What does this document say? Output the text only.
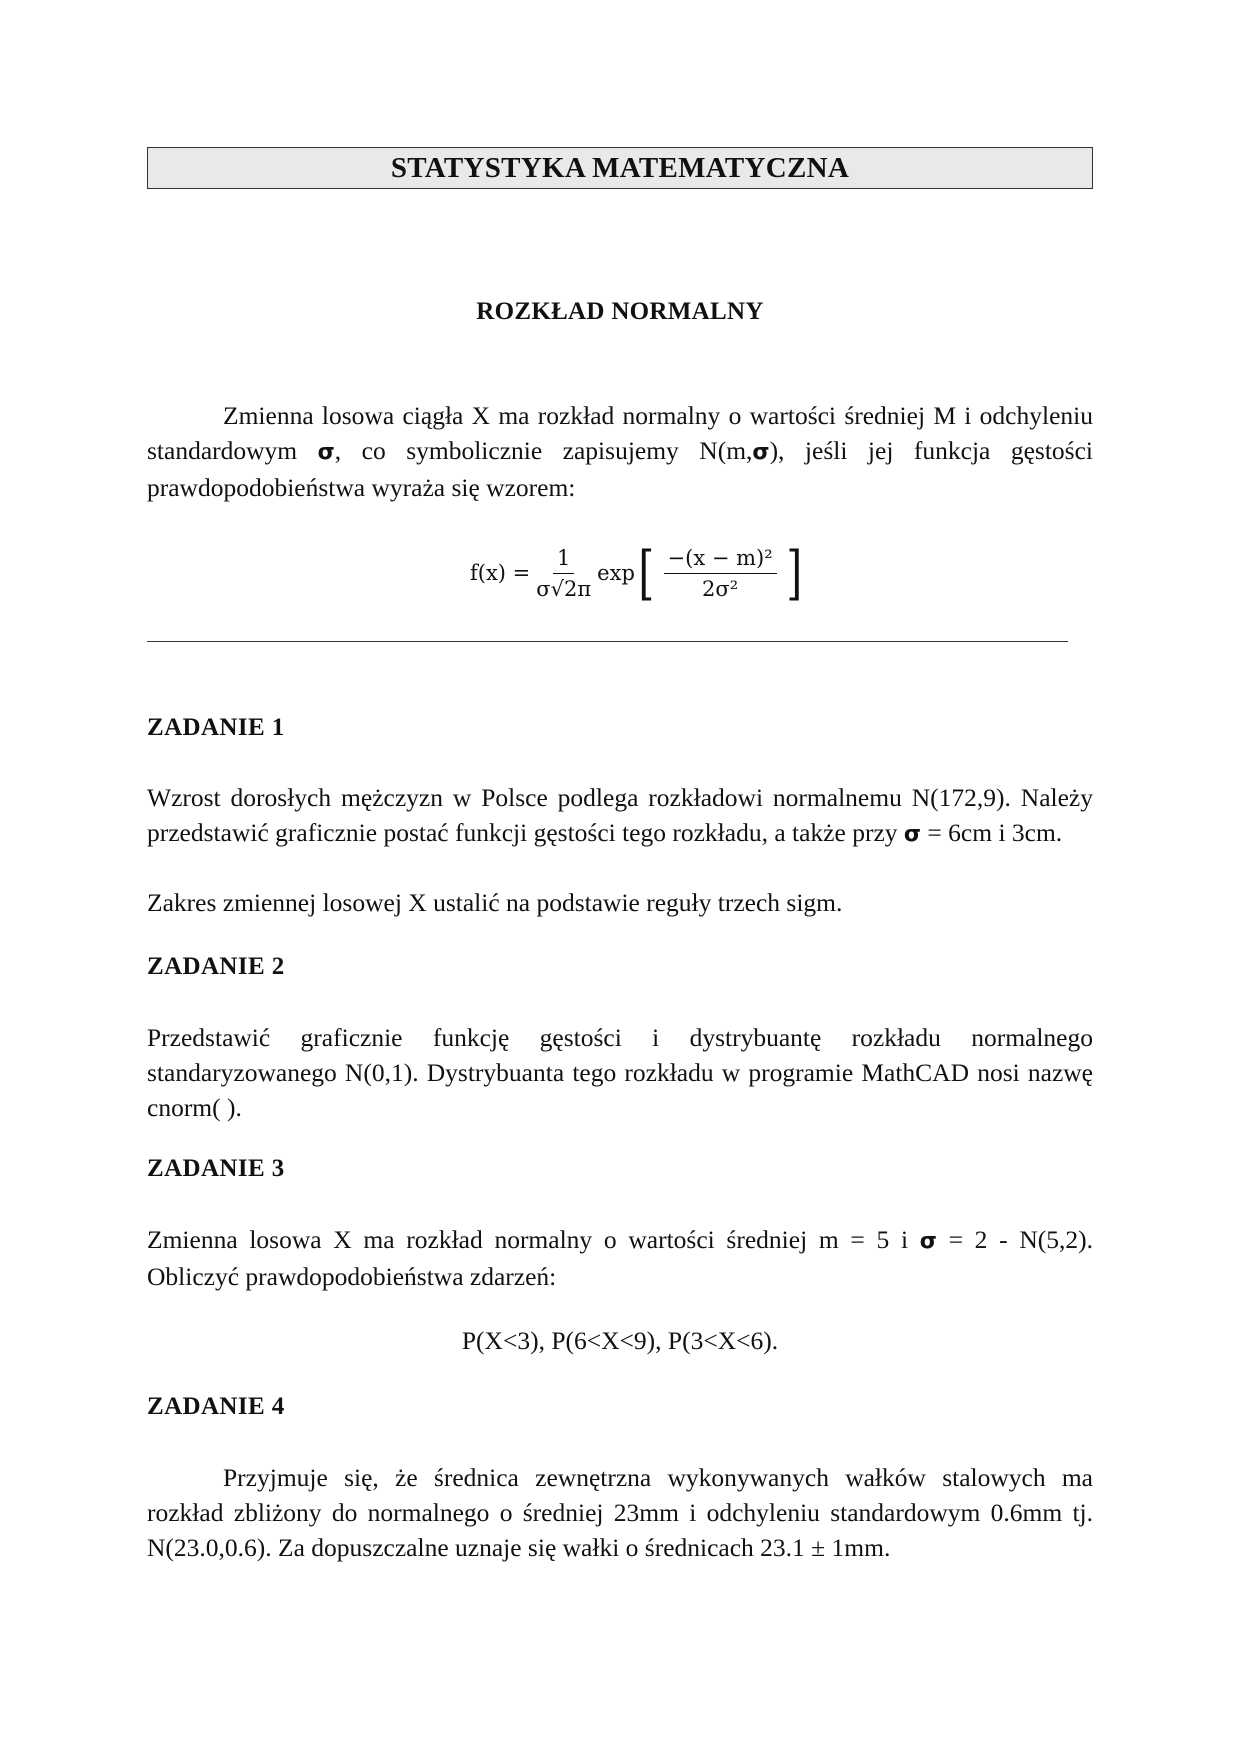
STATYSTYKA MATEMATYCZNA
ROZKŁAD NORMALNY
Zmienna losowa ciągła X ma rozkład normalny o wartości średniej M i odchyleniu standardowym σ, co symbolicznie zapisujemy N(m,σ), jeśli jej funkcja gęstości prawdopodobieństwa wyraża się wzorem:
$f(x) = \frac{1}{\sigma√2\pi}$ exp [ $\frac{\text{−(x − m)²}}{\text{2σ²}}$ ]
ZADANIE 1
Wzrost dorosłych mężczyzn w Polsce podlega rozkładowi normalnemu N(172,9). Należy przedstawić graficznie postać funkcji gęstości tego rozkładu, a także przy σ = 6cm i 3cm.
Zakres zmiennej losowej X ustalić na podstawie reguły trzech sigm.
ZADANIE 2
Przedstawić graficznie funkcję gęstości i dystrybuantę rozkładu normalnego standaryzowanego N(0,1). Dystrybuanta tego rozkładu w programie MathCAD nosi nazwę cnorm( ).
ZADANIE 3
Zmienna losowa X ma rozkład normalny o wartości średniej m = 5 i σ = 2 - N(5,2). Obliczyć prawdopodobieństwa zdarzeń:
P(X<3), P(6<X<9), P(3<X<6).
ZADANIE 4
Przyjmuje się, że średnica zewnętrzna wykonywanych wałków stalowych ma rozkład zbliżony do normalnego o średniej 23mm i odchyleniu standardowym 0.6mm tj. N(23.0,0.6). Za dopuszczalne uznaje się wałki o średnicach 23.1 ± 1mm.
